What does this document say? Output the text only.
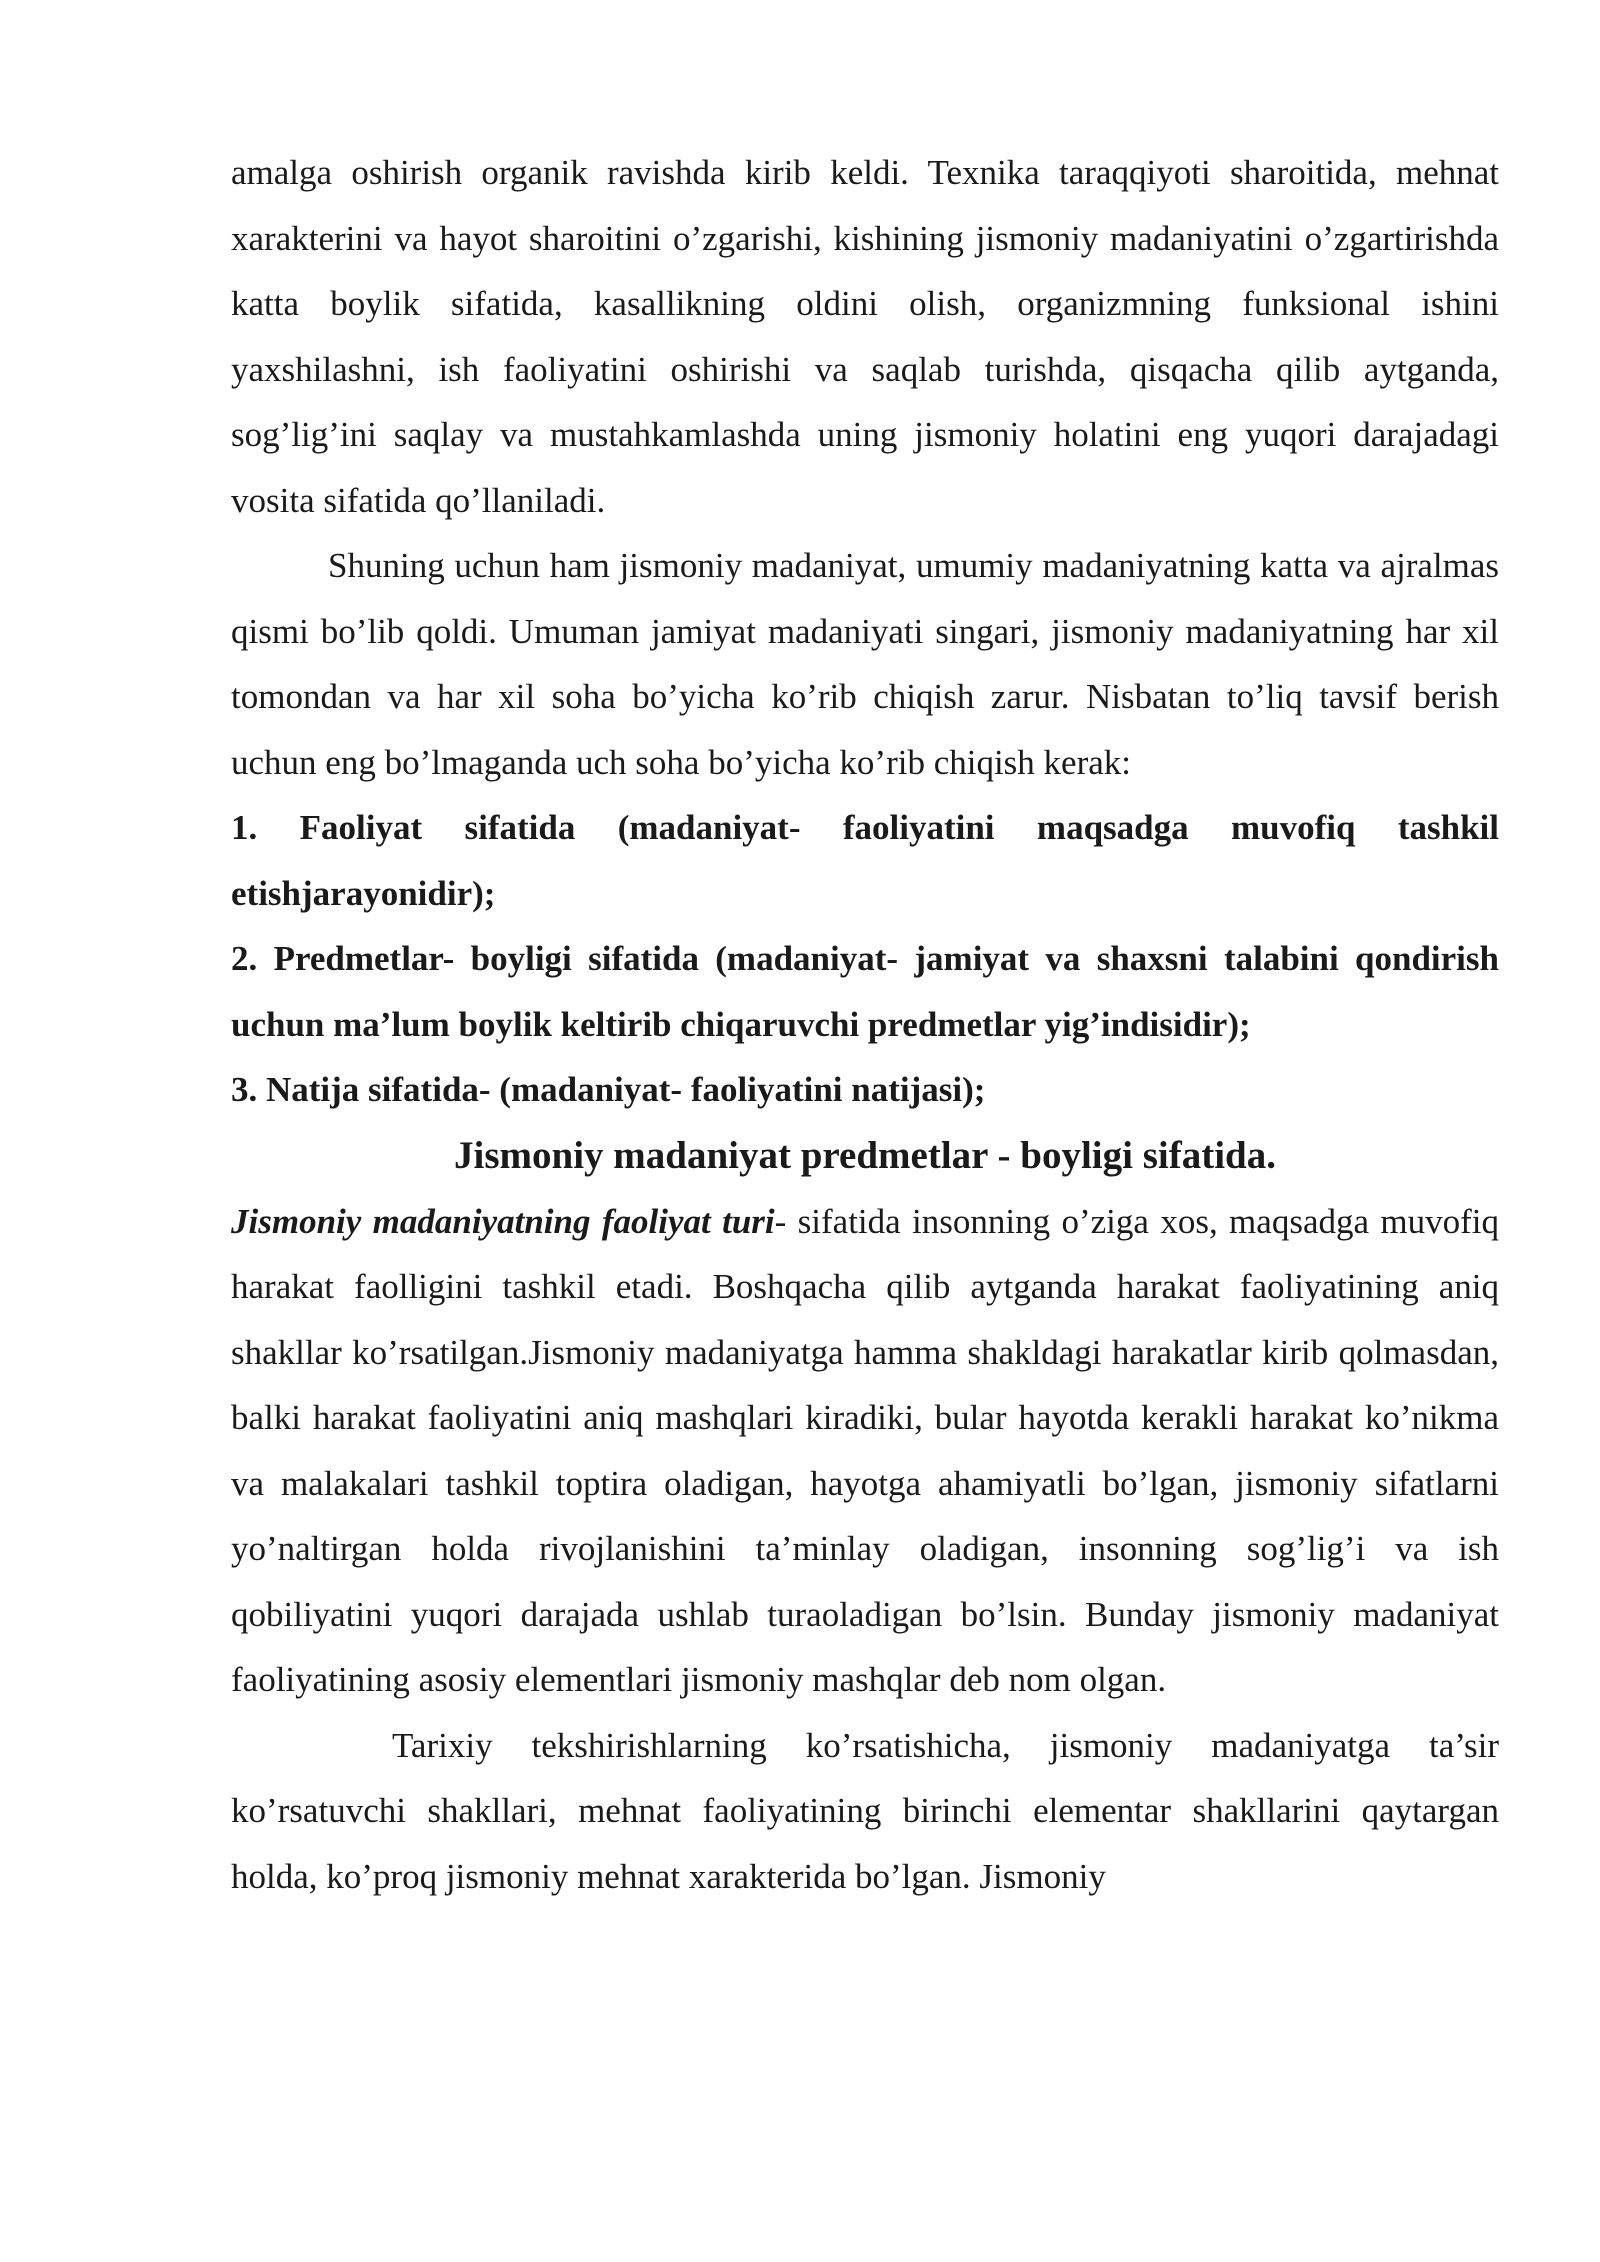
amalga oshirish organik ravishda kirib keldi. Texnika taraqqiyoti sharoitida, mehnat xarakterini va hayot sharoitini o’zgarishi, kishining jismoniy madaniyatini o’zgartirishda katta boylik sifatida, kasallikning oldini olish, organizmning funksional ishini yaxshilashni, ish faoliyatini oshirishi va saqlab turishda, qisqacha qilib aytganda, sog’lig’ini saqlay va mustahkamlashda uning jismoniy holatini eng yuqori darajadagi vosita sifatida qo’llaniladi.

Shuning uchun ham jismoniy madaniyat, umumiy madaniyatning katta va ajralmas qismi bo’lib qoldi. Umuman jamiyat madaniyati singari, jismoniy madaniyatning har xil tomondan va har xil soha bo’yicha ko’rib chiqish zarur. Nisbatan to’liq tavsif berish uchun eng bo’lmaganda uch soha bo’yicha ko’rib chiqish kerak:

1. Faoliyat sifatida (madaniyat- faoliyatini maqsadga muvofiq tashkil etishjarayonidir);

2. Predmetlar- boyligi sifatida (madaniyat- jamiyat va shaxsni talabini qondirish uchun ma’lum boylik keltirib chiqaruvchi predmetlar yig’indisidir);

3. Natija sifatida- (madaniyat- faoliyatini natijasi);

Jismoniy madaniyat predmetlar - boyligi sifatida.

Jismoniy madaniyatning faoliyat turi- sifatida insonning o’ziga xos, maqsadga muvofiq harakat faolligini tashkil etadi. Boshqacha qilib aytganda harakat faoliyatining aniq shakllar ko’rsatilgan.Jismoniy madaniyatga hamma shakldagi harakatlar kirib qolmasdan, balki harakat faoliyatini aniq mashqlari kiradiki, bular hayotda kerakli harakat ko’nikma va malakalari tashkil toptira oladigan, hayotga ahamiyatli bo’lgan, jismoniy sifatlarni yo’naltirgan holda rivojlanishini ta’minlay oladigan, insonning sog’lig’i va ish qobiliyatini yuqori darajada ushlab turaoladigan bo’lsin. Bunday jismoniy madaniyat faoliyatining asosiy elementlari jismoniy mashqlar deb nom olgan.

Tarixiy tekshirishlarning ko’rsatishicha, jismoniy madaniyatga ta’sir ko’rsatuvchi shakllari, mehnat faoliyatining birinchi elementar shakllarini qaytargan holda, ko’proq jismoniy mehnat xarakterida bo’lgan. Jismoniy
